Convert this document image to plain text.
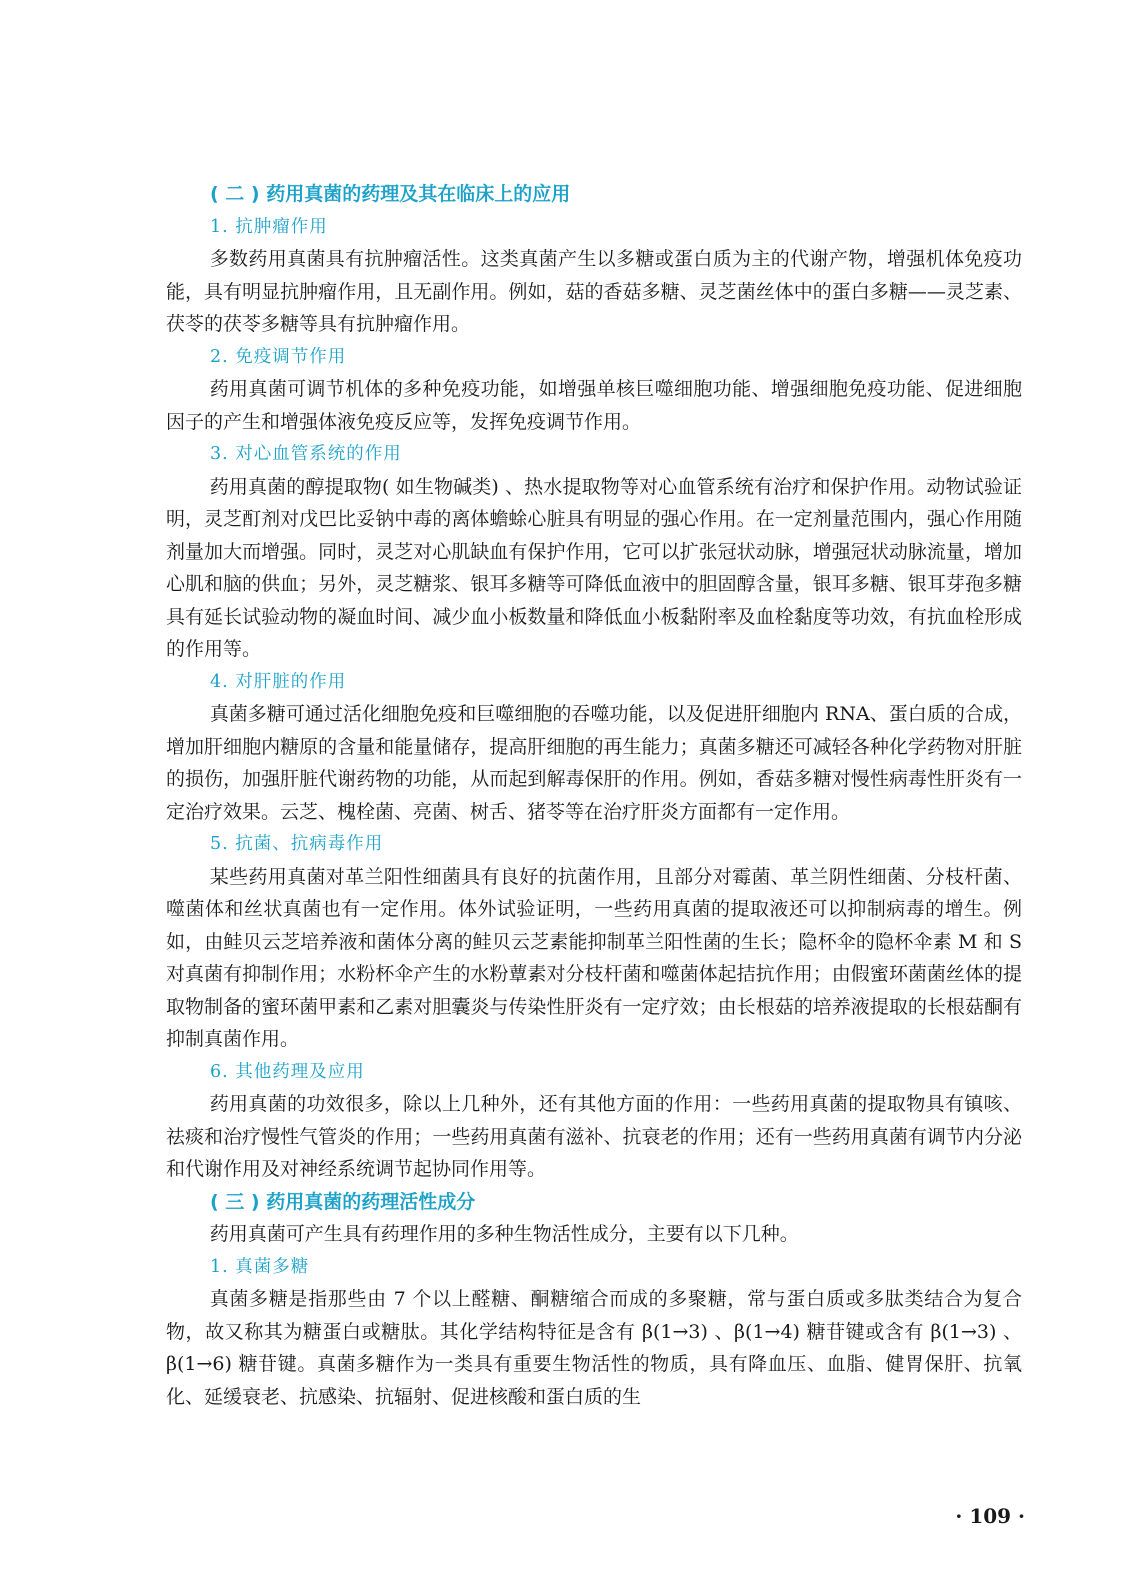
( 二 ) 药用真菌的药理及其在临床上的应用
1. 抗肿瘤作用

多数药用真菌具有抗肿瘤活性。这类真菌产生以多糖或蛋白质为主的代谢产物，增强机体免疫功能，具有明显抗肿瘤作用，且无副作用。例如，菇的香菇多糖、灵芝菌丝体中的蛋白多糖——灵芝素、茯苓的茯苓多糖等具有抗肿瘤作用。

2. 免疫调节作用

药用真菌可调节机体的多种免疫功能，如增强单核巨噬细胞功能、增强细胞免疫功能、促进细胞因子的产生和增强体液免疫反应等，发挥免疫调节作用。

3. 对心血管系统的作用

药用真菌的醇提取物( 如生物碱类) 、热水提取物等对心血管系统有治疗和保护作用。动物试验证明，灵芝酊剂对戊巴比妥钠中毒的离体蟾蜍心脏具有明显的强心作用。在一定剂量范围内，强心作用随剂量加大而增强。同时，灵芝对心肌缺血有保护作用，它可以扩张冠状动脉，增强冠状动脉流量，增加心肌和脑的供血；另外，灵芝糖浆、银耳多糖等可降低血液中的胆固醇含量，银耳多糖、银耳芽孢多糖具有延长试验动物的凝血时间、减少血小板数量和降低血小板黏附率及血栓黏度等功效，有抗血栓形成的作用等。

4. 对肝脏的作用

真菌多糖可通过活化细胞免疫和巨噬细胞的吞噬功能，以及促进肝细胞内 RNA、蛋白质的合成，增加肝细胞内糖原的含量和能量储存，提高肝细胞的再生能力；真菌多糖还可减轻各种化学药物对肝脏的损伤，加强肝脏代谢药物的功能，从而起到解毒保肝的作用。例如，香菇多糖对慢性病毒性肝炎有一定治疗效果。云芝、槐栓菌、亮菌、树舌、猪苓等在治疗肝炎方面都有一定作用。

5. 抗菌、抗病毒作用

某些药用真菌对革兰阳性细菌具有良好的抗菌作用，且部分对霉菌、革兰阴性细菌、分枝杆菌、噬菌体和丝状真菌也有一定作用。体外试验证明，一些药用真菌的提取液还可以抑制病毒的增生。例如，由鲑贝云芝培养液和菌体分离的鲑贝云芝素能抑制革兰阳性菌的生长；隐杯伞的隐杯伞素 M 和 S 对真菌有抑制作用；水粉杯伞产生的水粉蕈素对分枝杆菌和噬菌体起拮抗作用；由假蜜环菌菌丝体的提取物制备的蜜环菌甲素和乙素对胆囊炎与传染性肝炎有一定疗效；由长根菇的培养液提取的长根菇酮有抑制真菌作用。

6. 其他药理及应用

药用真菌的功效很多，除以上几种外，还有其他方面的作用：一些药用真菌的提取物具有镇咳、祛痰和治疗慢性气管炎的作用；一些药用真菌有滋补、抗衰老的作用；还有一些药用真菌有调节内分泌和代谢作用及对神经系统调节起协同作用等。

( 三 ) 药用真菌的药理活性成分

药用真菌可产生具有药理作用的多种生物活性成分，主要有以下几种。

1. 真菌多糖

真菌多糖是指那些由 7 个以上醛糖、酮糖缩合而成的多聚糖，常与蛋白质或多肽类结合为复合物，故又称其为糖蛋白或糖肽。其化学结构特征是含有 β(1→3) 、β(1→4) 糖苷键或含有 β(1→3) 、β(1→6) 糖苷键。真菌多糖作为一类具有重要生物活性的物质，具有降血压、血脂、健胃保肝、抗氧化、延缓衰老、抗感染、抗辐射、促进核酸和蛋白质的生

· 109 ·
